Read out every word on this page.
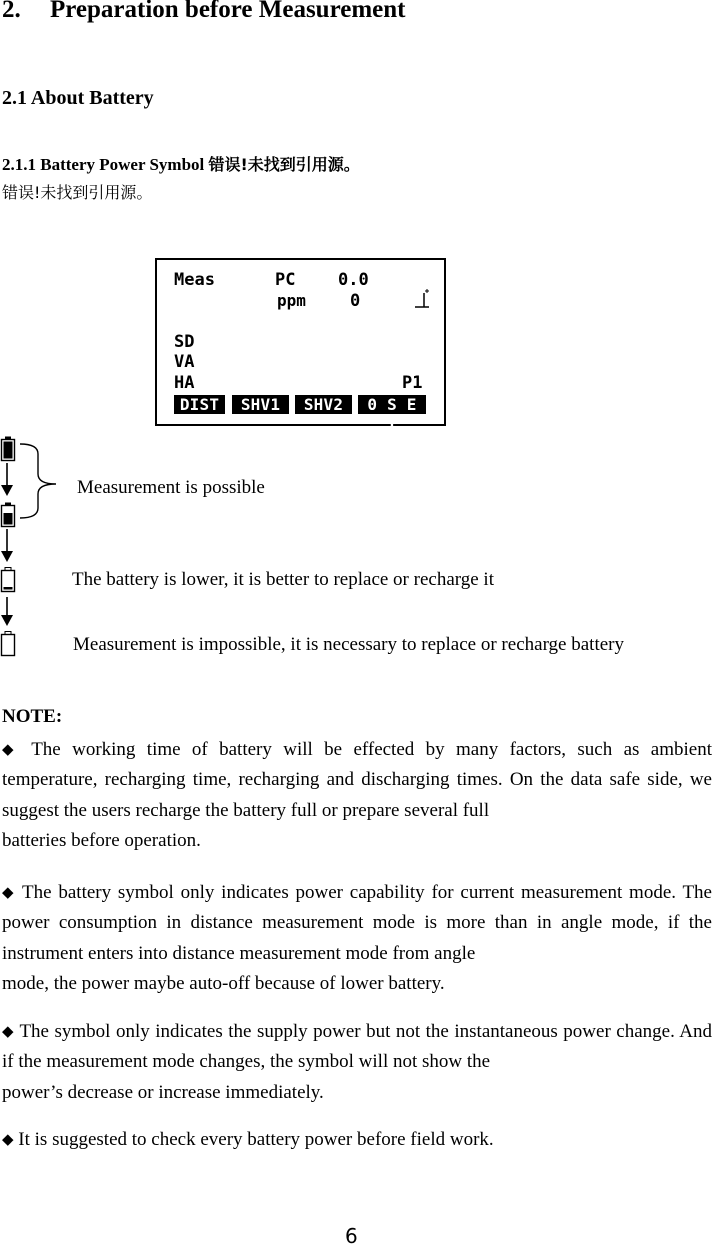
2. Preparation before Measurement
2.1 About Battery
2.1.1 Battery Power Symbol 错误!未找到引用源。
错误!未找到引用源。
Meas	PC	0.0
ppm	0
SD
VA
HA	P1
DIST	SHV1	SHV2	0 S E T
Measurement is possible
The battery is lower, it is better to replace or recharge it
Measurement is impossible, it is necessary to replace or recharge battery
NOTE:
◆ The working time of battery will be effected by many factors, such as ambient temperature, recharging time, recharging and discharging times. On the data safe side, we suggest the users recharge the battery full or prepare several full
batteries before operation.
◆ The battery symbol only indicates power capability for current measurement mode. The power consumption in distance measurement mode is more than in angle mode, if the instrument enters into distance measurement mode from angle
mode, the power maybe auto-off because of lower battery.
◆ The symbol only indicates the supply power but not the instantaneous power change. And if the measurement mode changes, the symbol will not show the
power’s decrease or increase immediately.
◆ It is suggested to check every battery power before field work.
6
